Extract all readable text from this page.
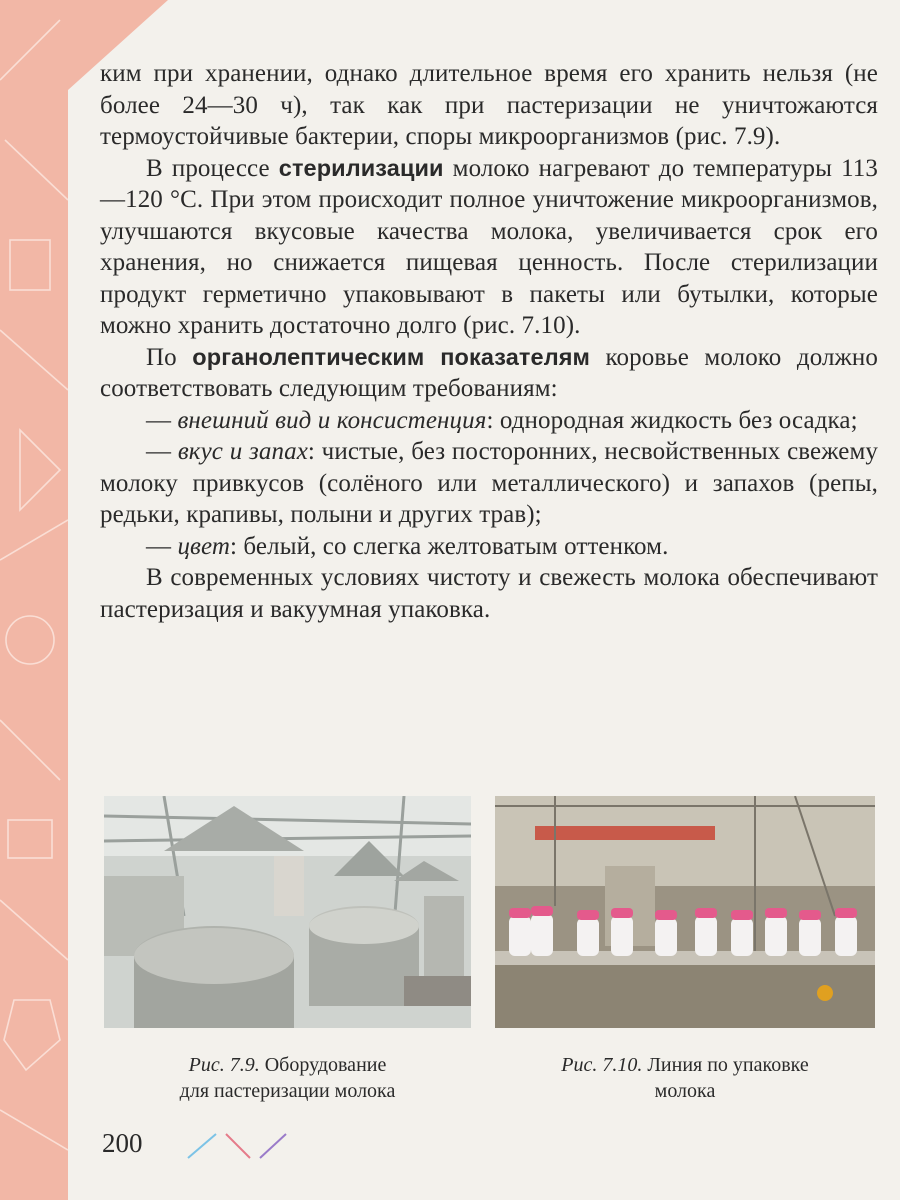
ким при хранении, однако длительное время его хранить нельзя (не более 24—30 ч), так как при пастеризации не уничтожаются термоустойчивые бактерии, споры микроорганизмов (рис. 7.9).

В процессе стерилизации молоко нагревают до температуры 113—120 °С. При этом происходит полное уничтожение микроорганизмов, улучшаются вкусовые качества молока, увеличивается срок его хранения, но снижается пищевая ценность. После стерилизации продукт герметично упаковывают в пакеты или бутылки, которые можно хранить достаточно долго (рис. 7.10).

По органолептическим показателям коровье молоко должно соответствовать следующим требованиям:

— внешний вид и консистенция: однородная жидкость без осадка;

— вкус и запах: чистые, без посторонних, несвойственных свежему молоку привкусов (солёного или металлического) и запахов (репы, редьки, крапивы, полыни и других трав);

— цвет: белый, со слегка желтоватым оттенком.

В современных условиях чистоту и свежесть молока обеспечивают пастеризация и вакуумная упаковка.

Рис. 7.9. Оборудование
для пастеризации молока
Рис. 7.10. Линия по упаковке
молока
200
